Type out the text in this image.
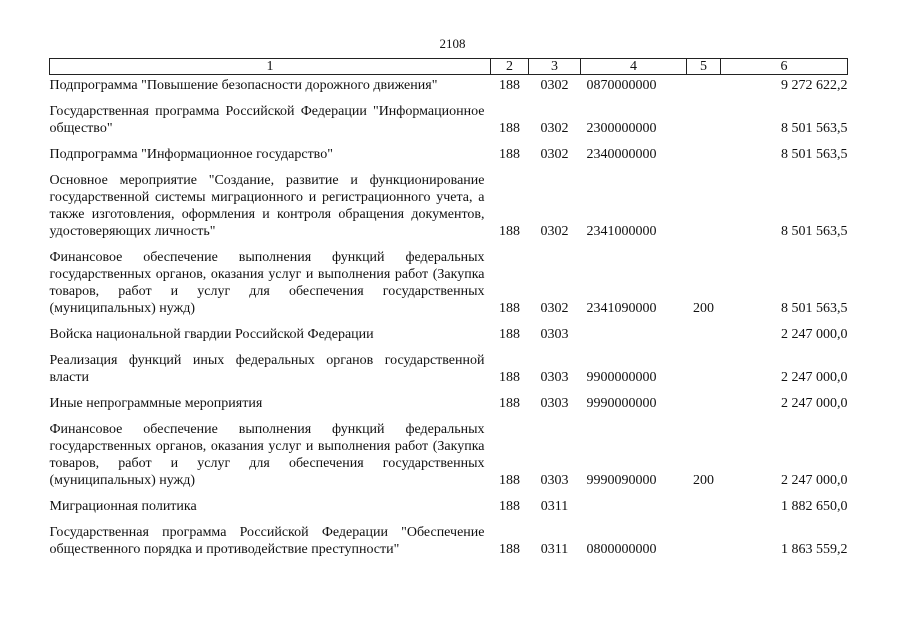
2108
1	2	3	4	5	6
Подпрограмма "Повышение безопасности дорожного движения"	188	0302	0870000000		9 272 622,2
Государственная программа Российской Федерации "Информационное общество"	188	0302	2300000000		8 501 563,5
Подпрограмма "Информационное государство"	188	0302	2340000000		8 501 563,5
Основное мероприятие "Создание, развитие и функционирование государственной системы миграционного и регистрационного учета, а также изготовления, оформления и контроля обращения документов, удостоверяющих личность"	188	0302	2341000000		8 501 563,5
Финансовое обеспечение выполнения функций федеральных государственных органов, оказания услуг и выполнения работ (Закупка товаров, работ и услуг для обеспечения государственных (муниципальных) нужд)	188	0302	2341090000	200	8 501 563,5
Войска национальной гвардии Российской Федерации	188	0303			2 247 000,0
Реализация функций иных федеральных органов государственной власти	188	0303	9900000000		2 247 000,0
Иные непрограммные мероприятия	188	0303	9990000000		2 247 000,0
Финансовое обеспечение выполнения функций федеральных государственных органов, оказания услуг и выполнения работ (Закупка товаров, работ и услуг для обеспечения государственных (муниципальных) нужд)	188	0303	9990090000	200	2 247 000,0
Миграционная политика	188	0311			1 882 650,0
Государственная программа Российской Федерации "Обеспечение общественного порядка и противодействие преступности"	188	0311	0800000000		1 863 559,2
